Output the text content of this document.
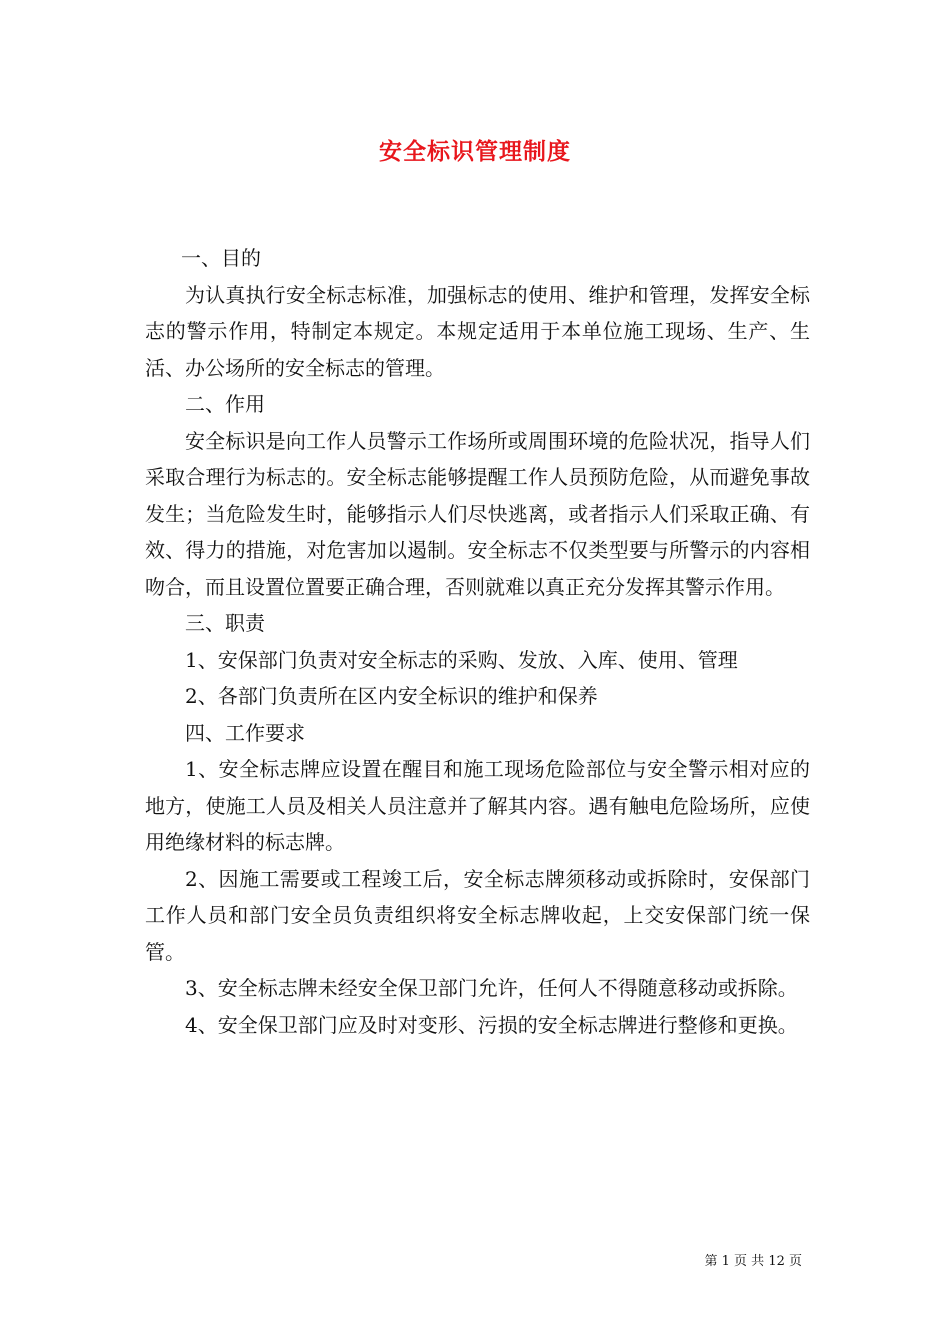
安全标识管理制度

一、目的

为认真执行安全标志标准，加强标志的使用、维护和管理，发挥安全标志的警示作用，特制定本规定。本规定适用于本单位施工现场、生产、生活、办公场所的安全标志的管理。

二、作用

安全标识是向工作人员警示工作场所或周围环境的危险状况，指导人们采取合理行为标志的。安全标志能够提醒工作人员预防危险，从而避免事故发生；当危险发生时，能够指示人们尽快逃离，或者指示人们采取正确、有效、得力的措施，对危害加以遏制。安全标志不仅类型要与所警示的内容相吻合，而且设置位置要正确合理，否则就难以真正充分发挥其警示作用。

三、职责

1、安保部门负责对安全标志的采购、发放、入库、使用、管理

2、各部门负责所在区内安全标识的维护和保养

四、工作要求

1、安全标志牌应设置在醒目和施工现场危险部位与安全警示相对应的地方，使施工人员及相关人员注意并了解其内容。遇有触电危险场所，应使用绝缘材料的标志牌。

2、因施工需要或工程竣工后，安全标志牌须移动或拆除时，安保部门工作人员和部门安全员负责组织将安全标志牌收起，上交安保部门统一保管。

3、安全标志牌未经安全保卫部门允许，任何人不得随意移动或拆除。

4、安全保卫部门应及时对变形、污损的安全标志牌进行整修和更换。

第 1 页 共 12 页
